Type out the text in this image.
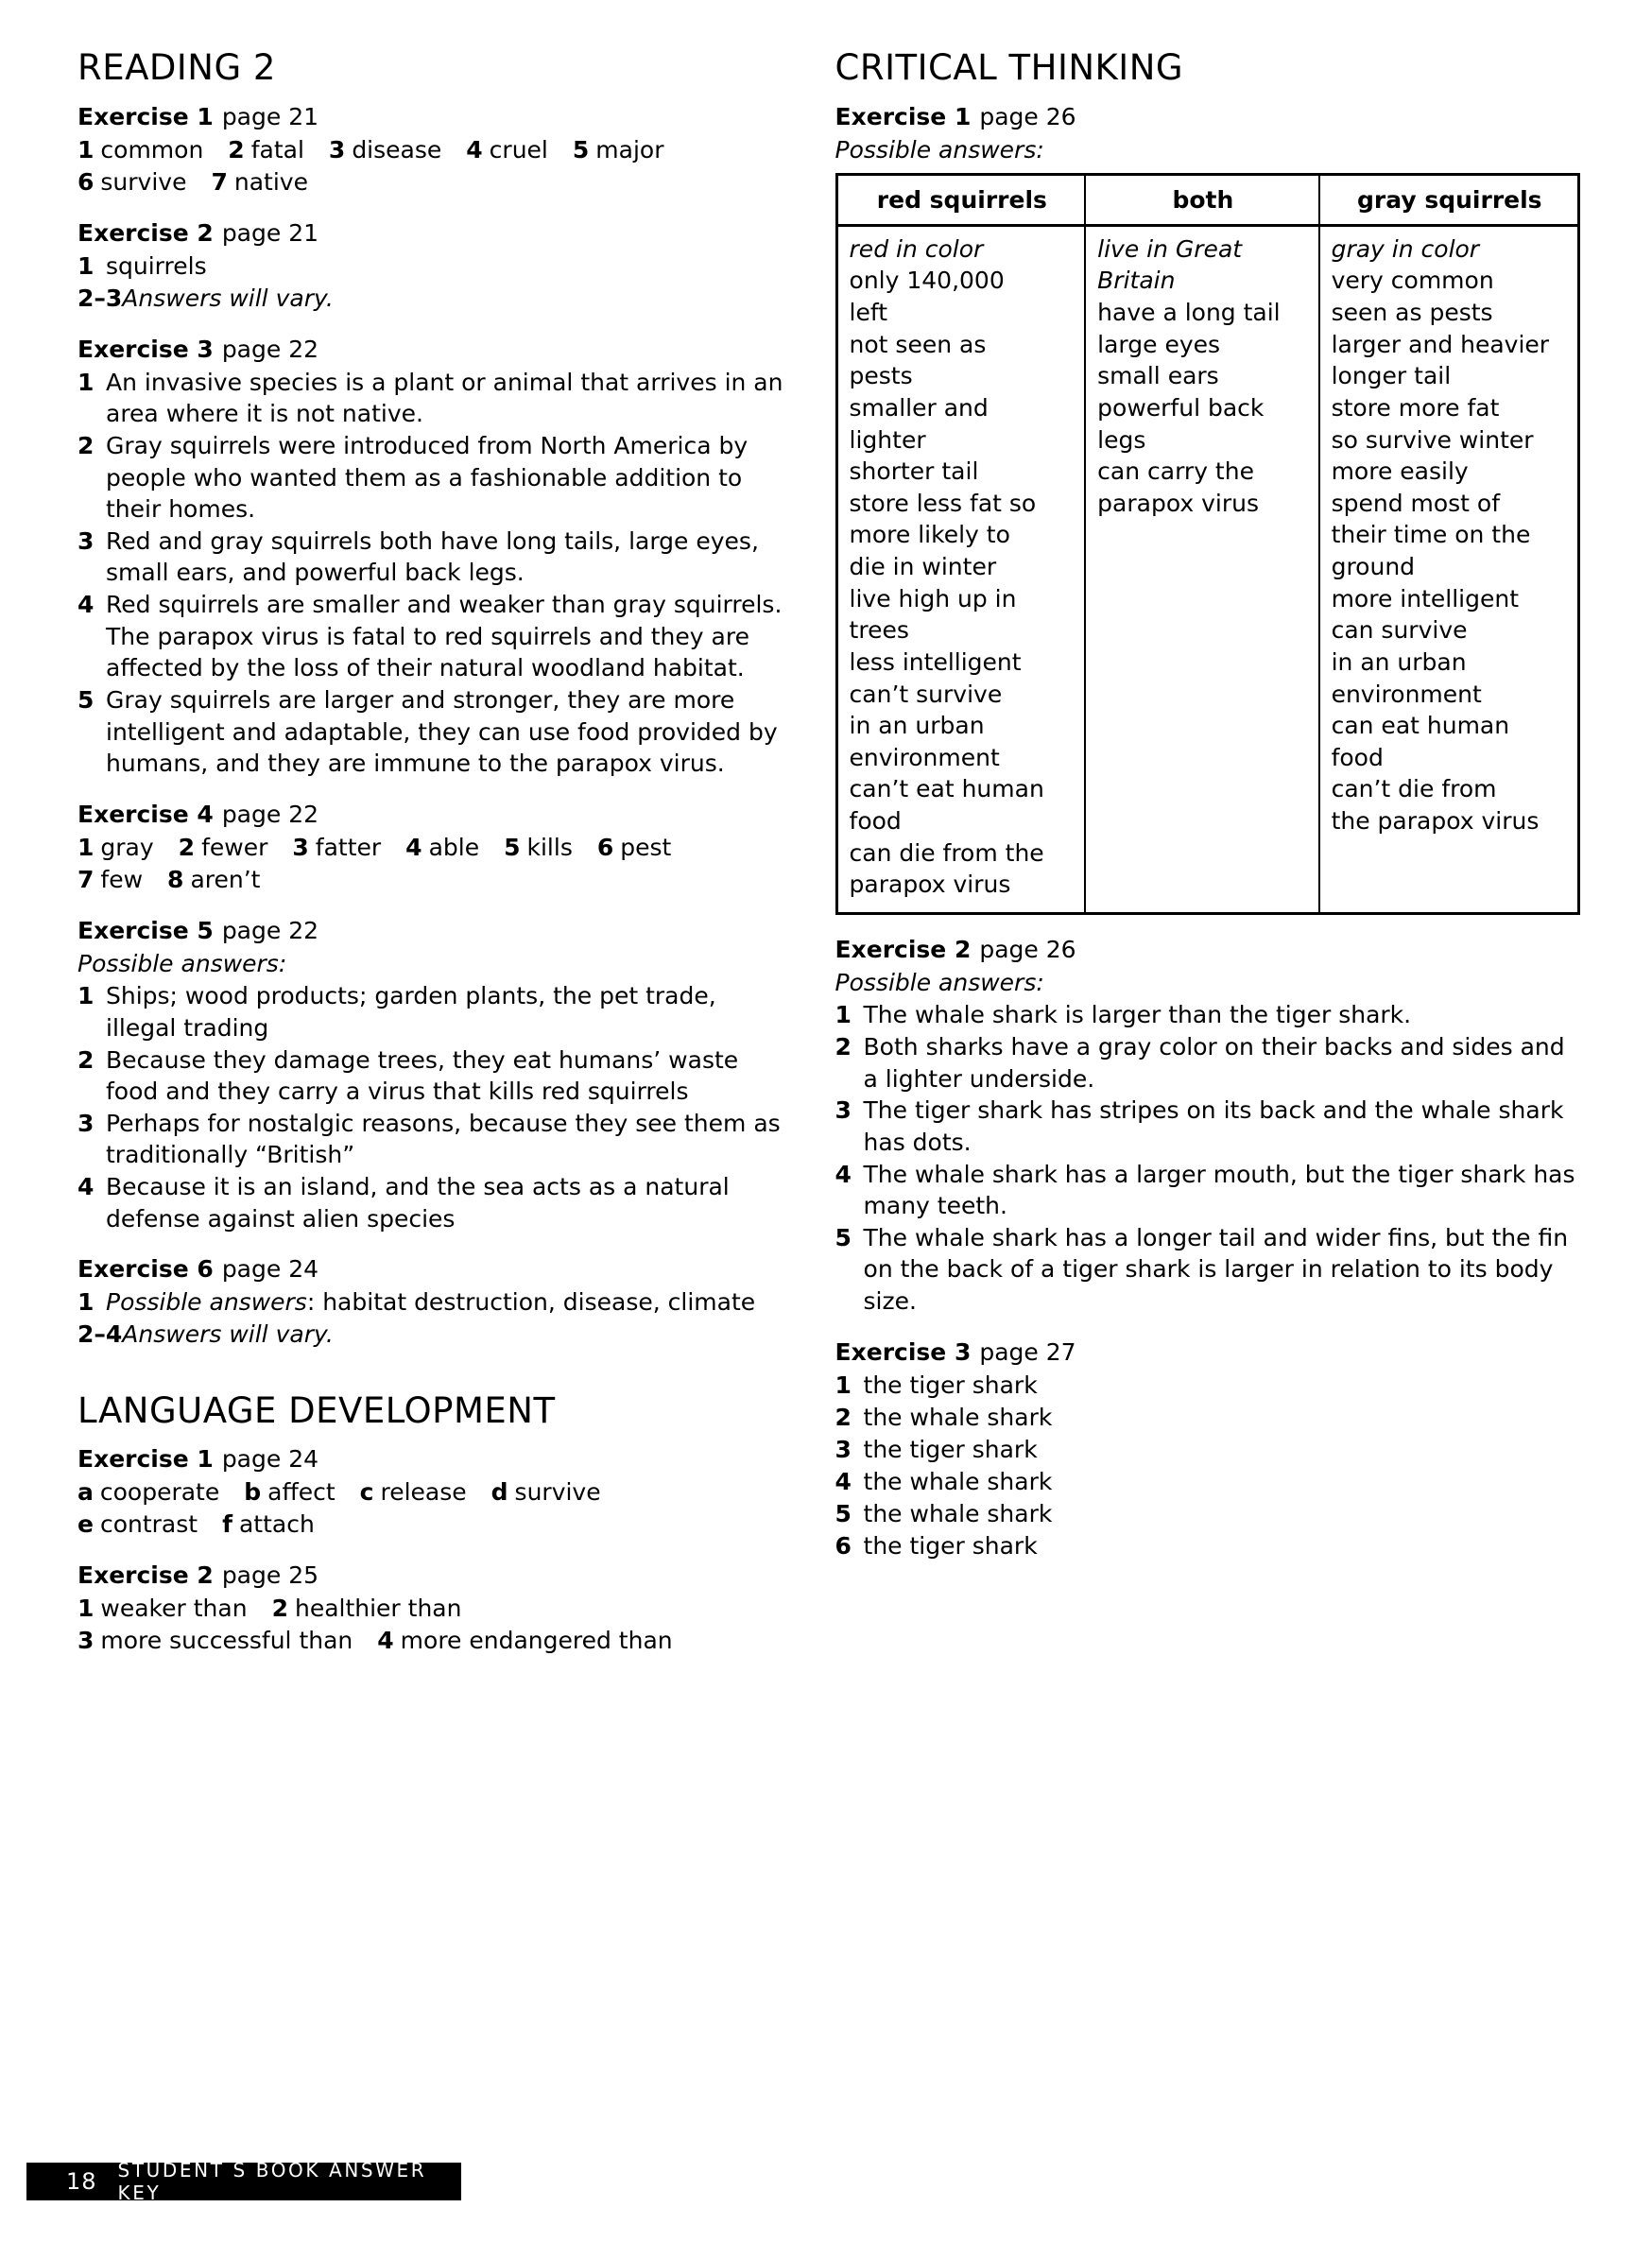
READING 2
Exercise 1 page 21
1 common 2 fatal 3 disease 4 cruel 5 major
6 survive 7 native
Exercise 2 page 21
1 squirrels
2–3 Answers will vary.
Exercise 3 page 22
1 An invasive species is a plant or animal that arrives in an area where it is not native.
2 Gray squirrels were introduced from North America by people who wanted them as a fashionable addition to their homes.
3 Red and gray squirrels both have long tails, large eyes, small ears, and powerful back legs.
4 Red squirrels are smaller and weaker than gray squirrels. The parapox virus is fatal to red squirrels and they are affected by the loss of their natural woodland habitat.
5 Gray squirrels are larger and stronger, they are more intelligent and adaptable, they can use food provided by humans, and they are immune to the parapox virus.
Exercise 4 page 22
1 gray 2 fewer 3 fatter 4 able 5 kills 6 pest
7 few 8 aren’t
Exercise 5 page 22
Possible answers:
1 Ships; wood products; garden plants, the pet trade, illegal trading
2 Because they damage trees, they eat humans’ waste food and they carry a virus that kills red squirrels
3 Perhaps for nostalgic reasons, because they see them as traditionally “British”
4 Because it is an island, and the sea acts as a natural defense against alien species
Exercise 6 page 24
1 Possible answers: habitat destruction, disease, climate
2–4 Answers will vary.
LANGUAGE DEVELOPMENT
Exercise 1 page 24
a cooperate b affect c release d survive
e contrast f attach
Exercise 2 page 25
1 weaker than 2 healthier than
3 more successful than 4 more endangered than
CRITICAL THINKING
Exercise 1 page 26
Possible answers:
red squirrels	both	gray squirrels

red in color
only 140,000
left
not seen as
pests
smaller and
lighter
shorter tail
store less fat so
more likely to
die in winter
live high up in
trees
less intelligent
can’t survive
in an urban
environment
can’t eat human
food
can die from the
parapox virus

live in Great
Britain
have a long tail
large eyes
small ears
powerful back
legs
can carry the
parapox virus

gray in color
very common
seen as pests
larger and heavier
longer tail
store more fat
so survive winter
more easily
spend most of
their time on the
ground
more intelligent
can survive
in an urban
environment
can eat human
food
can’t die from
the parapox virus
Exercise 2 page 26
Possible answers:
1 The whale shark is larger than the tiger shark.
2 Both sharks have a gray color on their backs and sides and a lighter underside.
3 The tiger shark has stripes on its back and the whale shark has dots.
4 The whale shark has a larger mouth, but the tiger shark has many teeth.
5 The whale shark has a longer tail and wider fins, but the fin on the back of a tiger shark is larger in relation to its body size.
Exercise 3 page 27
1 the tiger shark
2 the whale shark
3 the tiger shark
4 the whale shark
5 the whale shark
6 the tiger shark
18 STUDENT S BOOK ANSWER KEY
